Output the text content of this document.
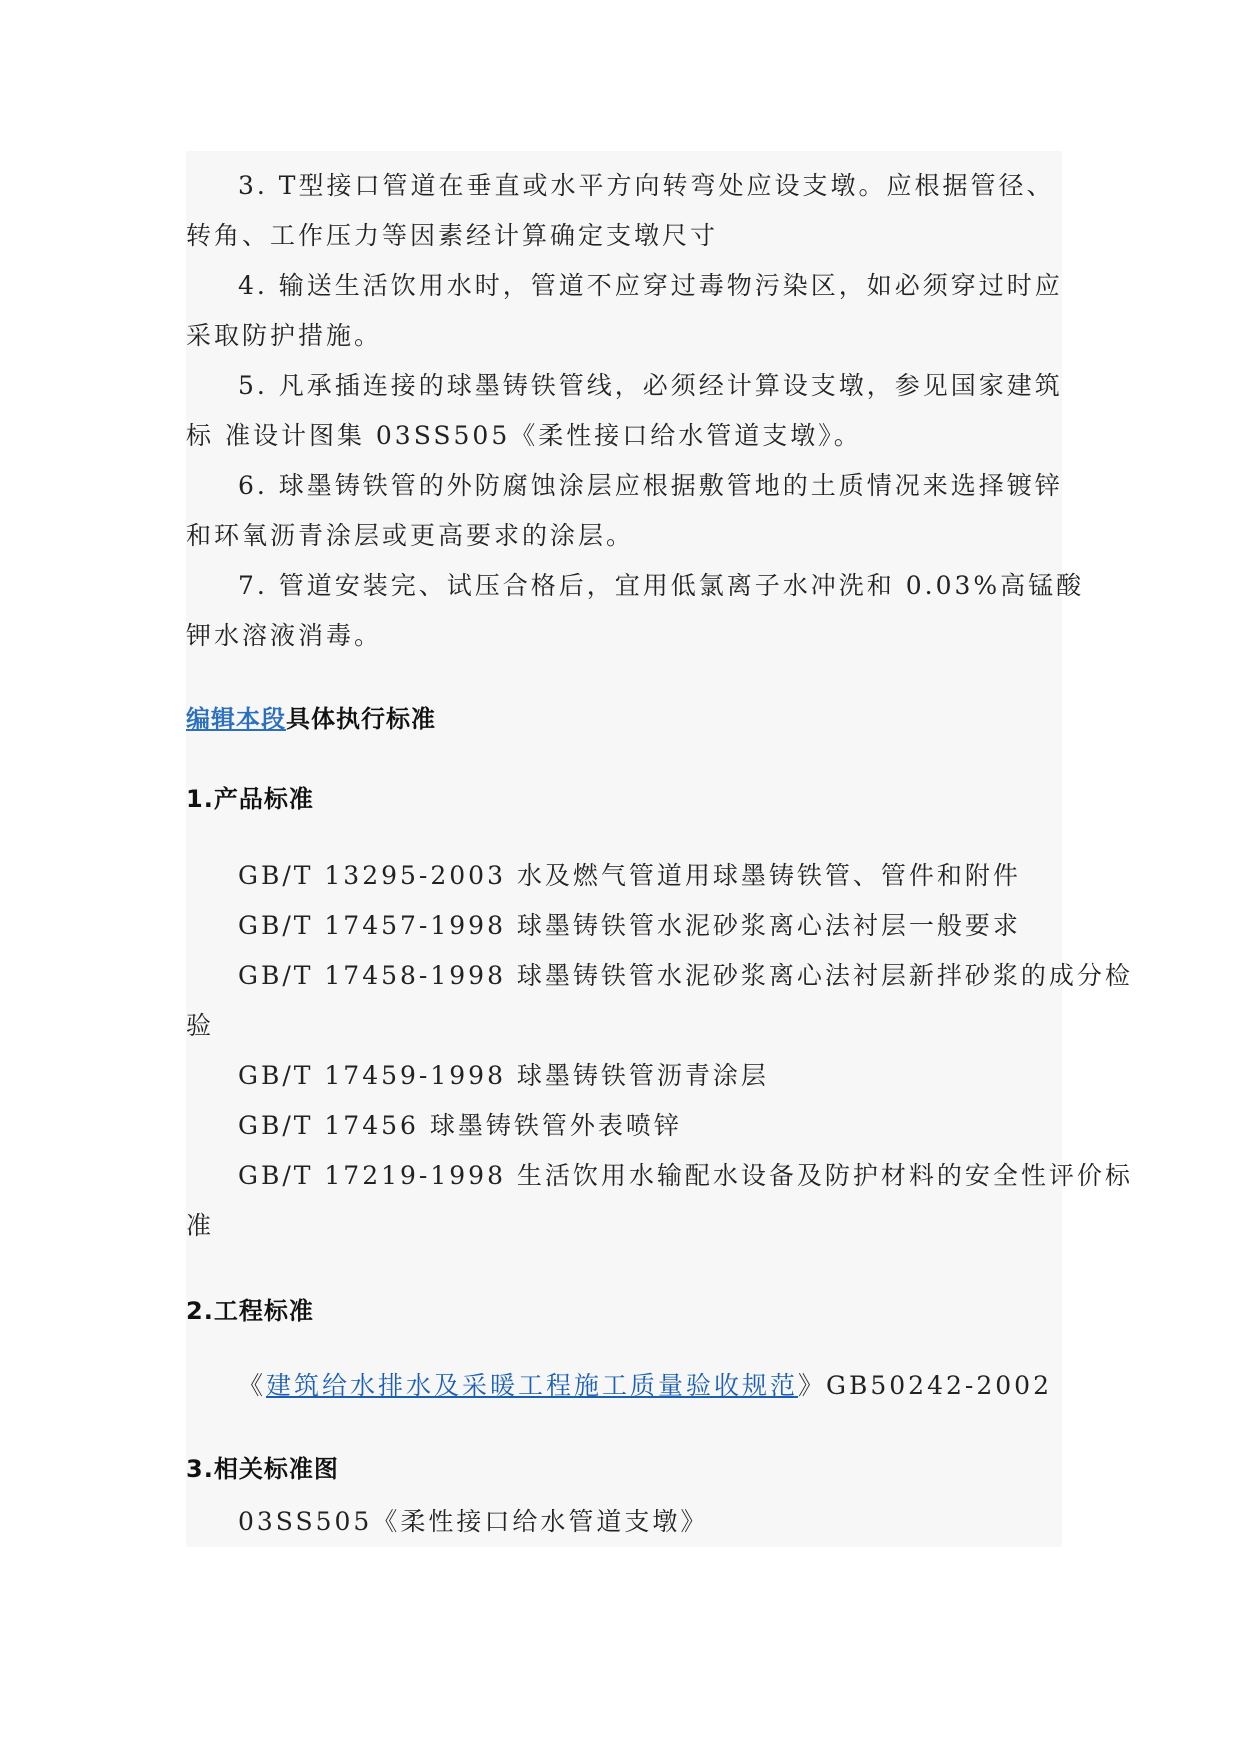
3. T型接口管道在垂直或水平方向转弯处应设支墩。应根据管径、
转角、工作压力等因素经计算确定支墩尺寸
4. 输送生活饮用水时，管道不应穿过毒物污染区，如必须穿过时应
采取防护措施。
5. 凡承插连接的球墨铸铁管线，必须经计算设支墩，参见国家建筑
标 准设计图集 03SS505《柔性接口给水管道支墩》。
6. 球墨铸铁管的外防腐蚀涂层应根据敷管地的土质情况来选择镀锌
和环氧沥青涂层或更高要求的涂层。
7. 管道安装完、试压合格后，宜用低氯离子水冲洗和 0.03%高锰酸
钾水溶液消毒。
编辑本段具体执行标准
1.产品标准
GB/T 13295-2003 水及燃气管道用球墨铸铁管、管件和附件
GB/T 17457-1998 球墨铸铁管水泥砂浆离心法衬层一般要求
GB/T 17458-1998 球墨铸铁管水泥砂浆离心法衬层新拌砂浆的成分检
验
GB/T 17459-1998 球墨铸铁管沥青涂层
GB/T 17456 球墨铸铁管外表喷锌
GB/T 17219-1998 生活饮用水输配水设备及防护材料的安全性评价标
准
2.工程标准
《建筑给水排水及采暖工程施工质量验收规范》GB50242-2002
3.相关标准图
03SS505《柔性接口给水管道支墩》
